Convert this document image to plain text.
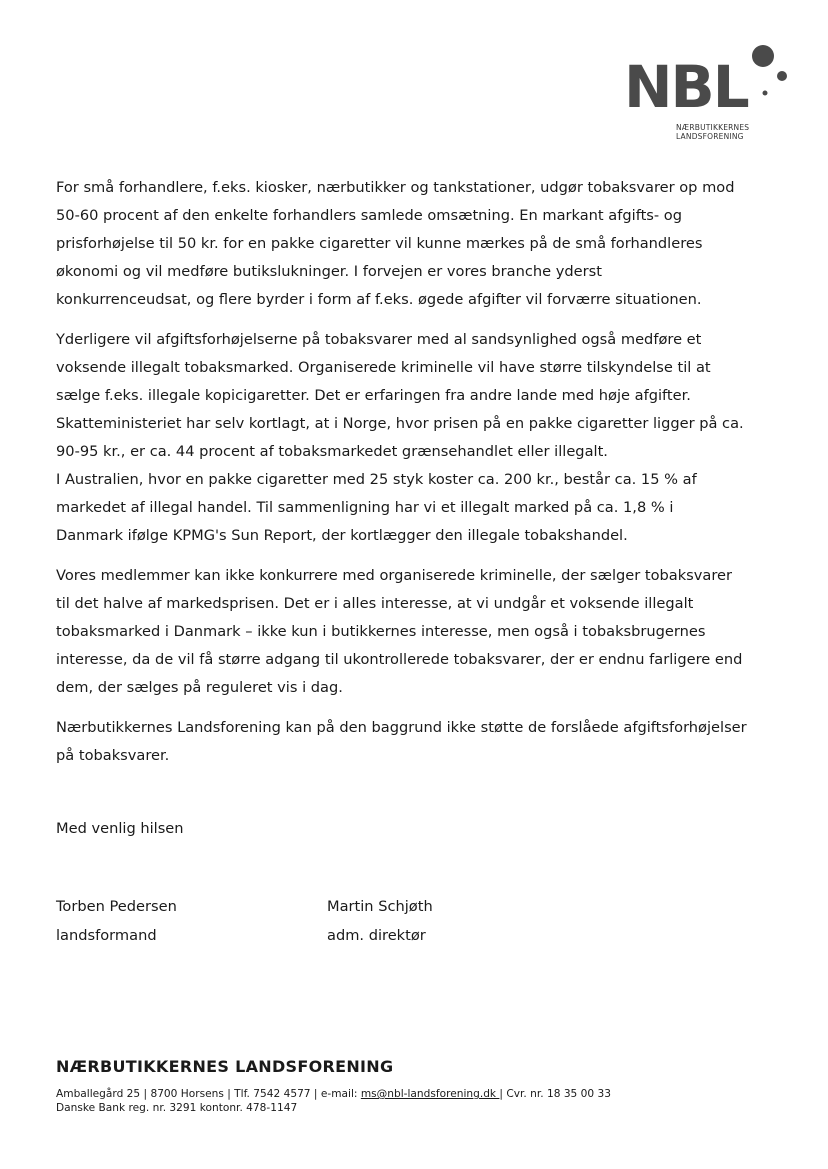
NBL
NÆRBUTIKKERNES
LANDSFORENING

For små forhandlere, f.eks. kiosker, nærbutikker og tankstationer, udgør tobaksvarer op mod
50-60 procent af den enkelte forhandlers samlede omsætning. En markant afgifts- og
prisforhøjelse til 50 kr. for en pakke cigaretter vil kunne mærkes på de små forhandleres
økonomi og vil medføre butikslukninger. I forvejen er vores branche yderst
konkurrenceudsat, og flere byrder i form af f.eks. øgede afgifter vil forværre situationen.

Yderligere vil afgiftsforhøjelserne på tobaksvarer med al sandsynlighed også medføre et
voksende illegalt tobaksmarked. Organiserede kriminelle vil have større tilskyndelse til at
sælge f.eks. illegale kopicigaretter. Det er erfaringen fra andre lande med høje afgifter.
Skatteministeriet har selv kortlagt, at i Norge, hvor prisen på en pakke cigaretter ligger på ca.
90-95 kr., er ca. 44 procent af tobaksmarkedet grænsehandlet eller illegalt.
I Australien, hvor en pakke cigaretter med 25 styk koster ca. 200 kr., består ca. 15 % af
markedet af illegal handel. Til sammenligning har vi et illegalt marked på ca. 1,8 % i
Danmark ifølge KPMG's Sun Report, der kortlægger den illegale tobakshandel.

Vores medlemmer kan ikke konkurrere med organiserede kriminelle, der sælger tobaksvarer
til det halve af markedsprisen. Det er i alles interesse, at vi undgår et voksende illegalt
tobaksmarked i Danmark – ikke kun i butikkernes interesse, men også i tobaksbrugernes
interesse, da de vil få større adgang til ukontrollerede tobaksvarer, der er endnu farligere end
dem, der sælges på reguleret vis i dag.

Nærbutikkernes Landsforening kan på den baggrund ikke støtte de forslåede afgiftsforhøjelser
på tobaksvarer.

Med venlig hilsen
Torben Pedersen
landsformand
Martin Schjøth
adm. direktør
NÆRBUTIKKERNES LANDSFORENING
Amballegård 25 | 8700 Horsens | Tlf. 7542 4577 | e-mail: ms@nbl-landsforening.dk | Cvr. nr. 18 35 00 33
Danske Bank reg. nr. 3291 kontonr. 478-1147
